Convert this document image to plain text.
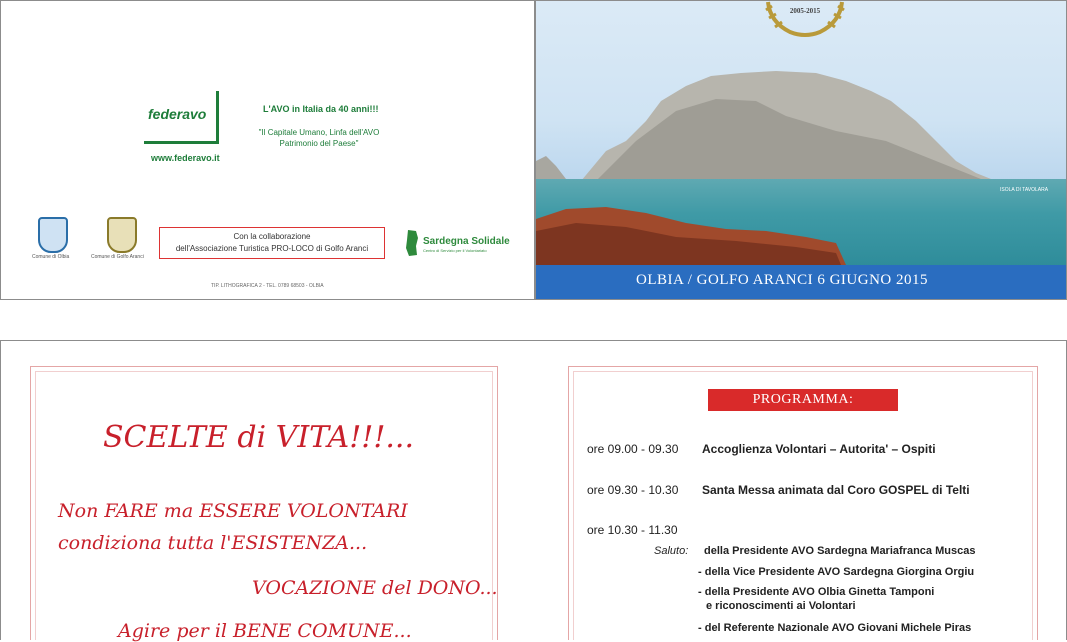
federavo
www.federavo.it
L'AVO in Italia da 40 anni!!!
"Il Capitale Umano, Linfa dell'AVO
Patrimonio del Paese"
Comune di Olbia	Comune di Golfo Aranci
Con la collaborazione
dell'Associazione Turistica PRO-LOCO di Golfo Aranci
Sardegna Solidale
Centro di Servizio per il Volontariato
TIP. LITHOGRAFICA 2 - TEL. 0789 68503 - OLBIA
2005-2015
ISOLA DI TAVOLARA
OLBIA / GOLFO ARANCI 6 GIUGNO 2015
SCELTE di VITA!!!...
Non FARE ma ESSERE VOLONTARI
condiziona tutta l'ESISTENZA...
VOCAZIONE del DONO...
Agire per il BENE COMUNE...
PROGRAMMA:
ore 09.00 - 09.30 Accoglienza Volontari – Autorita' – Ospiti
ore 09.30 - 10.30 Santa Messa animata dal Coro GOSPEL di Telti
ore 10.30 - 11.30
Saluto: della Presidente AVO Sardegna Mariafranca Muscas
- della Vice Presidente AVO Sardegna Giorgina Orgiu
- della Presidente AVO Olbia Ginetta Tamponi
e riconoscimenti ai Volontari
- del Referente Nazionale AVO Giovani Michele Piras
